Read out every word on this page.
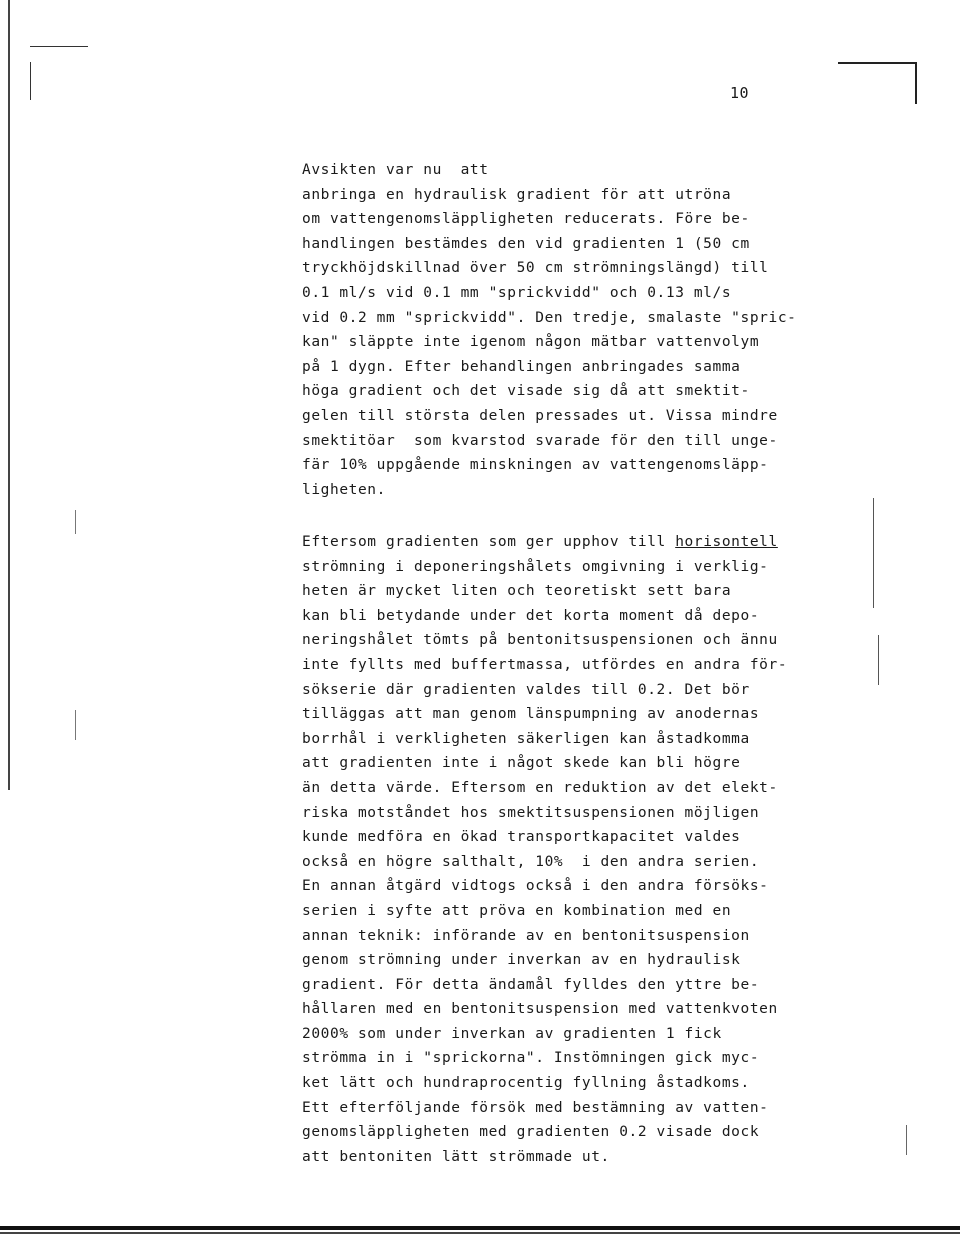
10
Avsikten var nu  att
anbringa en hydraulisk gradient för att utröna
om vattengenomsläppligheten reducerats. Före be-
handlingen bestämdes den vid gradienten 1 (50 cm
tryckhöjdskillnad över 50 cm strömningslängd) till
0.1 ml/s vid 0.1 mm "sprickvidd" och 0.13 ml/s
vid 0.2 mm "sprickvidd". Den tredje, smalaste "spric-
kan" släppte inte igenom någon mätbar vattenvolym
på 1 dygn. Efter behandlingen anbringades samma
höga gradient och det visade sig då att smektit-
gelen till största delen pressades ut. Vissa mindre
smektitöar  som kvarstod svarade för den till unge-
fär 10% uppgående minskningen av vattengenomsläpp-
ligheten.
Eftersom gradienten som ger upphov till horisontell
strömning i deponeringshålets omgivning i verklig-
heten är mycket liten och teoretiskt sett bara
kan bli betydande under det korta moment då depo-
neringshålet tömts på bentonitsuspensionen och ännu
inte fyllts med buffertmassa, utfördes en andra för-
sökserie där gradienten valdes till 0.2. Det bör
tilläggas att man genom länspumpning av anodernas
borrhål i verkligheten säkerligen kan åstadkomma
att gradienten inte i något skede kan bli högre
än detta värde. Eftersom en reduktion av det elekt-
riska motståndet hos smektitsuspensionen möjligen
kunde medföra en ökad transportkapacitet valdes
också en högre salthalt, 10%  i den andra serien.
En annan åtgärd vidtogs också i den andra försöks-
serien i syfte att pröva en kombination med en
annan teknik: införande av en bentonitsuspension
genom strömning under inverkan av en hydraulisk
gradient. För detta ändamål fylldes den yttre be-
hållaren med en bentonitsuspension med vattenkvoten
2000% som under inverkan av gradienten 1 fick
strömma in i "sprickorna". Instömningen gick myc-
ket lätt och hundraprocentig fyllning åstadkoms.
Ett efterföljande försök med bestämning av vatten-
genomsläppligheten med gradienten 0.2 visade dock
att bentoniten lätt strömmade ut.
